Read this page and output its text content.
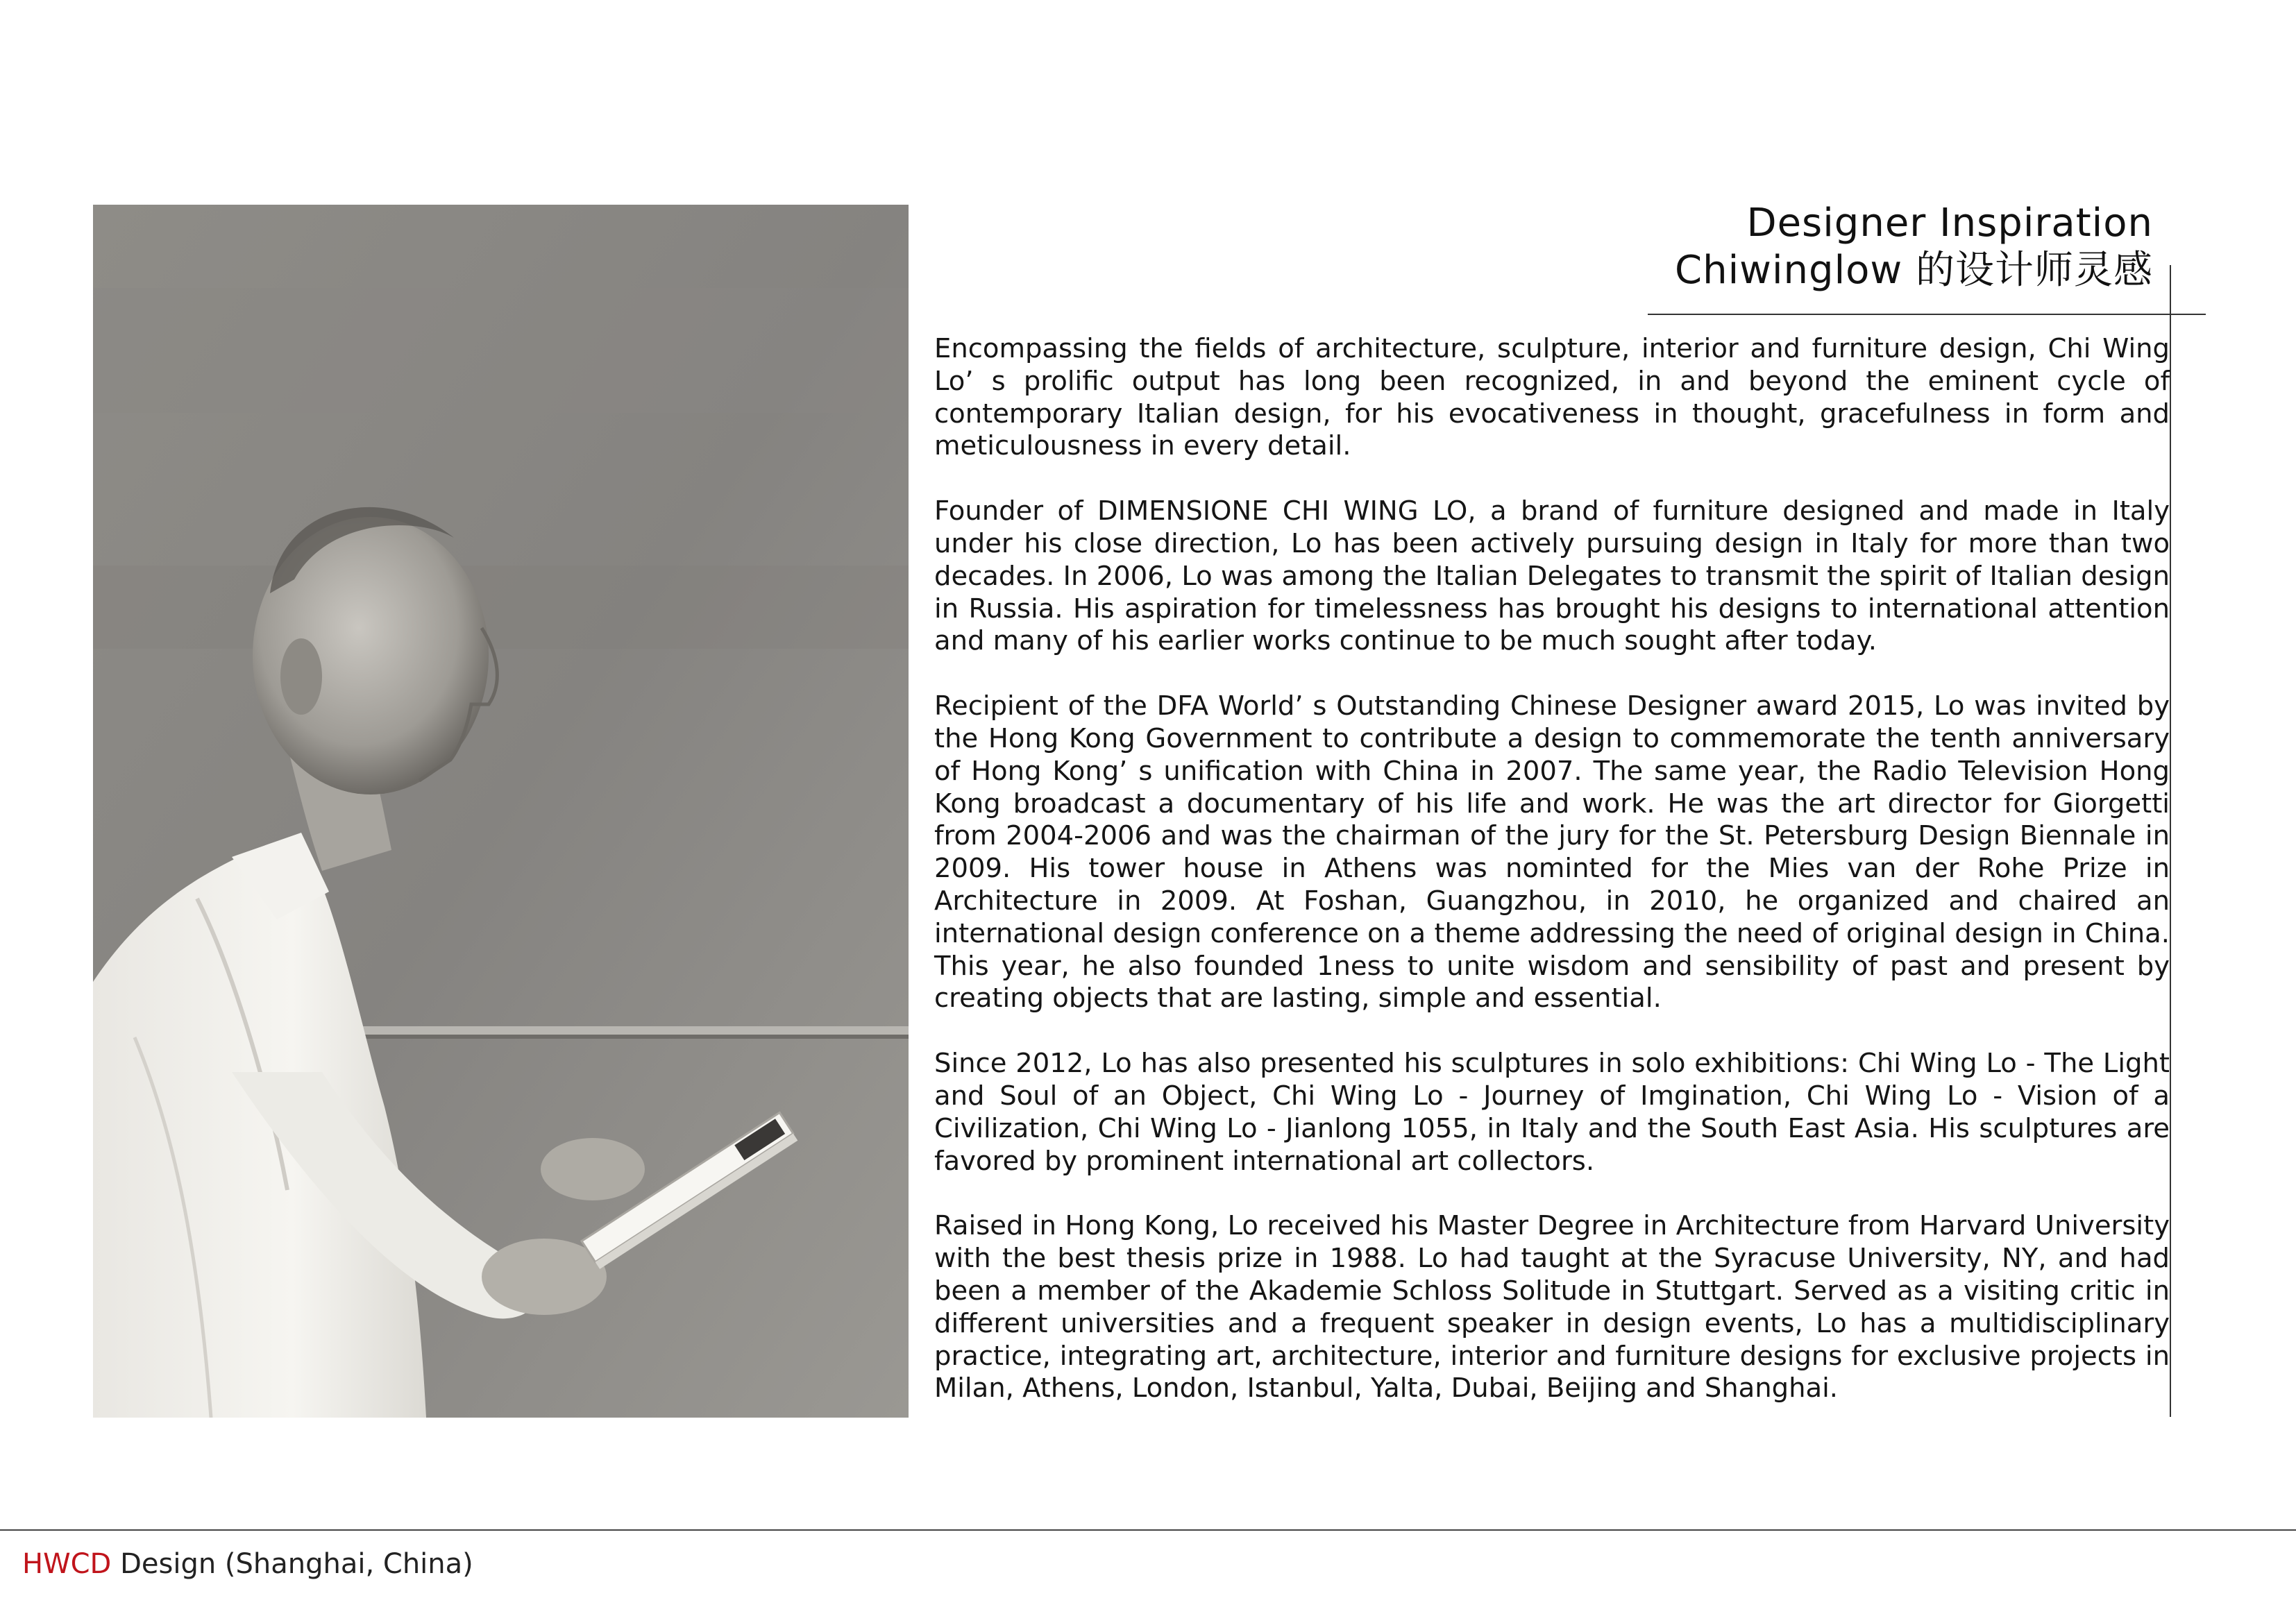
Designer Inspiration
Chiwinglow 的设计师灵感

Encompassing the fields of architecture, sculpture, interior and furniture design, Chi Wing Lo’ s prolific output has long been recognized, in and beyond the eminent cycle of contemporary Italian design, for his evocativeness in thought, gracefulness in form and meticulousness in every detail.

Founder of DIMENSIONE CHI WING LO, a brand of furniture designed and made in Italy under his close direction, Lo has been actively pursuing design in Italy for more than two decades. In 2006, Lo was among the Italian Delegates to transmit the spirit of Italian design in Russia. His aspiration for timelessness has brought his designs to international attention and many of his earlier works continue to be much sought after today.

Recipient of the DFA World’ s Outstanding Chinese Designer award 2015, Lo was invited by the Hong Kong Government to contribute a design to commemorate the tenth anniversary of Hong Kong’ s unification with China in 2007. The same year, the Radio Television Hong Kong broadcast a documentary of his life and work. He was the art director for Giorgetti from 2004-2006 and was the chairman of the jury for the St. Petersburg Design Biennale in 2009. His tower house in Athens was nominted for the Mies van der Rohe Prize in Architecture in 2009. At Foshan, Guangzhou, in 2010, he organized and chaired an international design conference on a theme addressing the need of original design in China. This year, he also founded 1ness to unite wisdom and sensibility of past and present by creating objects that are lasting, simple and essential.

Since 2012, Lo has also presented his sculptures in solo exhibitions: Chi Wing Lo - The Light and Soul of an Object, Chi Wing Lo - Journey of Imgination, Chi Wing Lo - Vision of a Civilization, Chi Wing Lo - Jianlong 1055, in Italy and the South East Asia. His sculptures are favored by prominent international art collectors.

Raised in Hong Kong, Lo received his Master Degree in Architecture from Harvard University with the best thesis prize in 1988. Lo had taught at the Syracuse University, NY, and had been a member of the Akademie Schloss Solitude in Stuttgart. Served as a visiting critic in different universities and a frequent speaker in design events, Lo has a multidisciplinary practice, integrating art, architecture, interior and furniture designs for exclusive projects in Milan, Athens, London, Istanbul, Yalta, Dubai, Beijing and Shanghai.

HWCD Design (Shanghai, China)
